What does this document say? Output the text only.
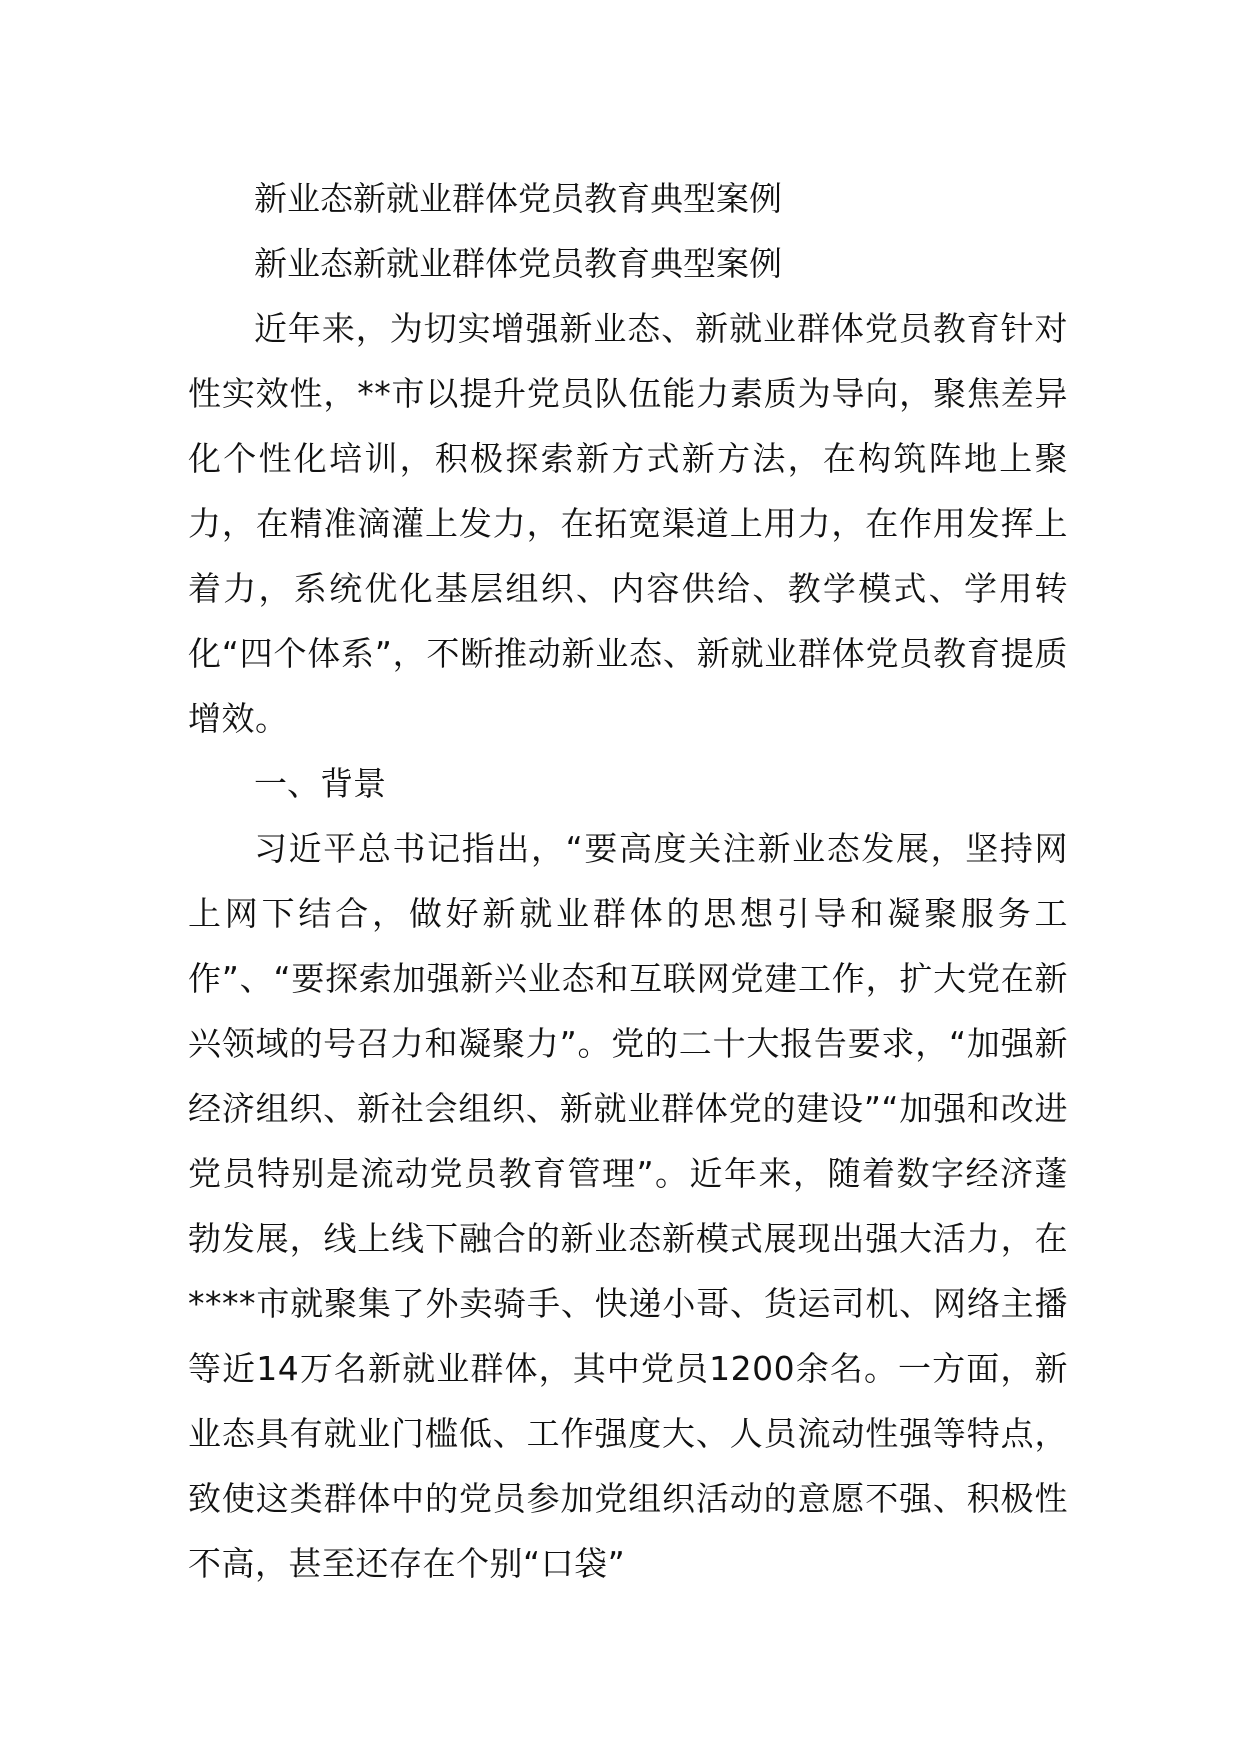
新业态新就业群体党员教育典型案例
新业态新就业群体党员教育典型案例

近年来，为切实增强新业态、新就业群体党员教育针对性实效性，**市以提升党员队伍能力素质为导向，聚焦差异化个性化培训，积极探索新方式新方法，在构筑阵地上聚力，在精准滴灌上发力，在拓宽渠道上用力，在作用发挥上着力，系统优化基层组织、内容供给、教学模式、学用转化“四个体系”，不断推动新业态、新就业群体党员教育提质增效。

一、背景

习近平总书记指出，“要高度关注新业态发展，坚持网上网下结合，做好新就业群体的思想引导和凝聚服务工作”、“要探索加强新兴业态和互联网党建工作，扩大党在新兴领域的号召力和凝聚力”。党的二十大报告要求，“加强新经济组织、新社会组织、新就业群体党的建设”“加强和改进党员特别是流动党员教育管理”。近年来，随着数字经济蓬勃发展，线上线下融合的新业态新模式展现出强大活力，在****市就聚集了外卖骑手、快递小哥、货运司机、网络主播等近14万名新就业群体，其中党员1200余名。一方面，新业态具有就业门槛低、工作强度大、人员流动性强等特点，致使这类群体中的党员参加党组织活动的意愿不强、积极性不高，甚至还存在个别“口袋”
